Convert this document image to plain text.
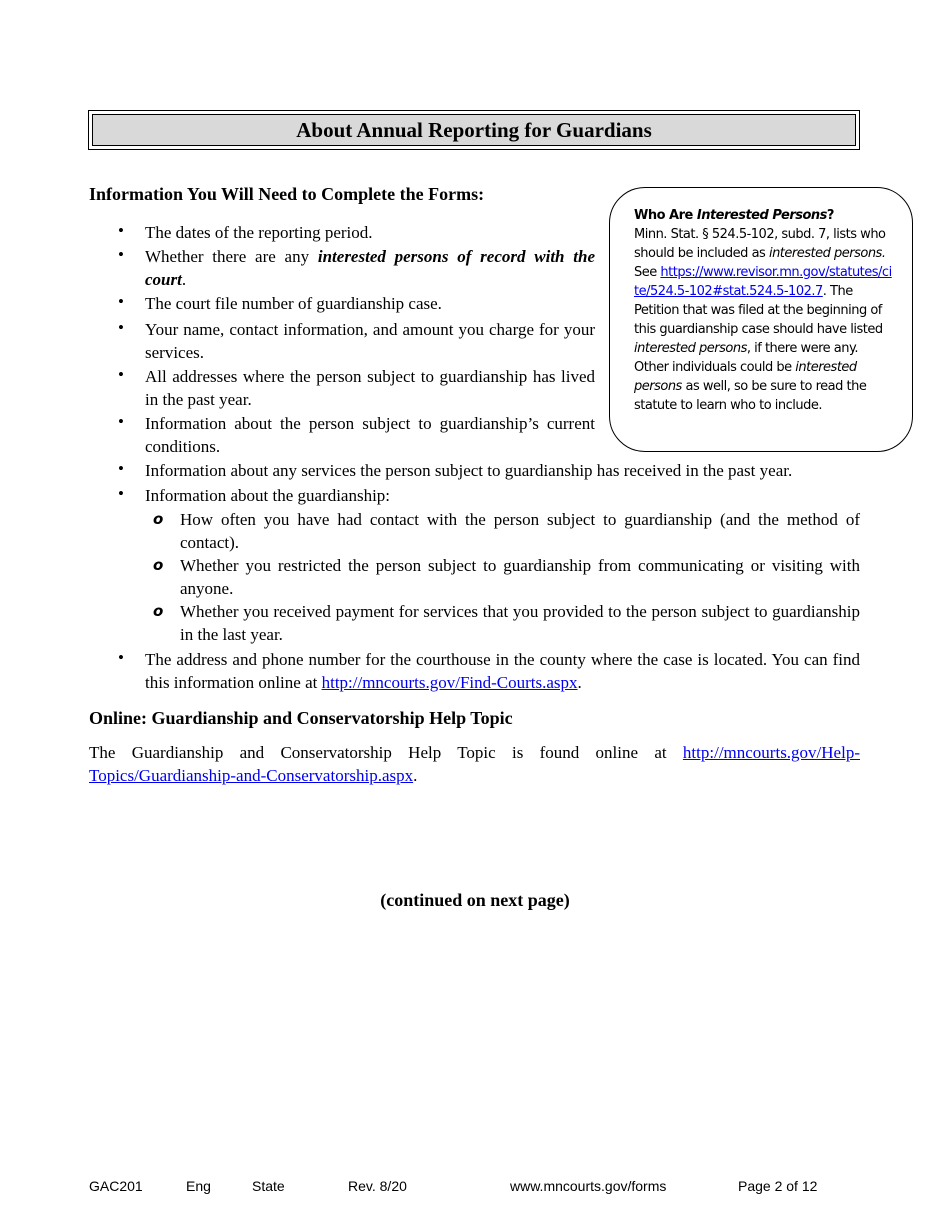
About Annual Reporting for Guardians
Information You Will Need to Complete the Forms:
Who Are Interested Persons?
Minn. Stat. § 524.5-102, subd. 7, lists who should be included as interested persons. See https://www.revisor.mn.gov/statutes/cite/524.5-102#stat.524.5-102.7. The Petition that was filed at the beginning of this guardianship case should have listed interested persons, if there were any. Other individuals could be interested persons as well, so be sure to read the statute to learn who to include.
• The dates of the reporting period.
• Whether there are any interested persons of record with the court.
• The court file number of guardianship case.
• Your name, contact information, and amount you charge for your services.
• All addresses where the person subject to guardianship has lived in the past year.
• Information about the person subject to guardianship’s current conditions.
• Information about any services the person subject to guardianship has received in the past year.
• Information about the guardianship:
o How often you have had contact with the person subject to guardianship (and the method of contact).
o Whether you restricted the person subject to guardianship from communicating or visiting with anyone.
o Whether you received payment for services that you provided to the person subject to guardianship in the last year.
• The address and phone number for the courthouse in the county where the case is located. You can find this information online at http://mncourts.gov/Find-Courts.aspx.
Online: Guardianship and Conservatorship Help Topic
The Guardianship and Conservatorship Help Topic is found online at http://mncourts.gov/Help-Topics/Guardianship-and-Conservatorship.aspx.
(continued on next page)
GAC201	Eng	State	Rev. 8/20	www.mncourts.gov/forms	Page 2 of 12
